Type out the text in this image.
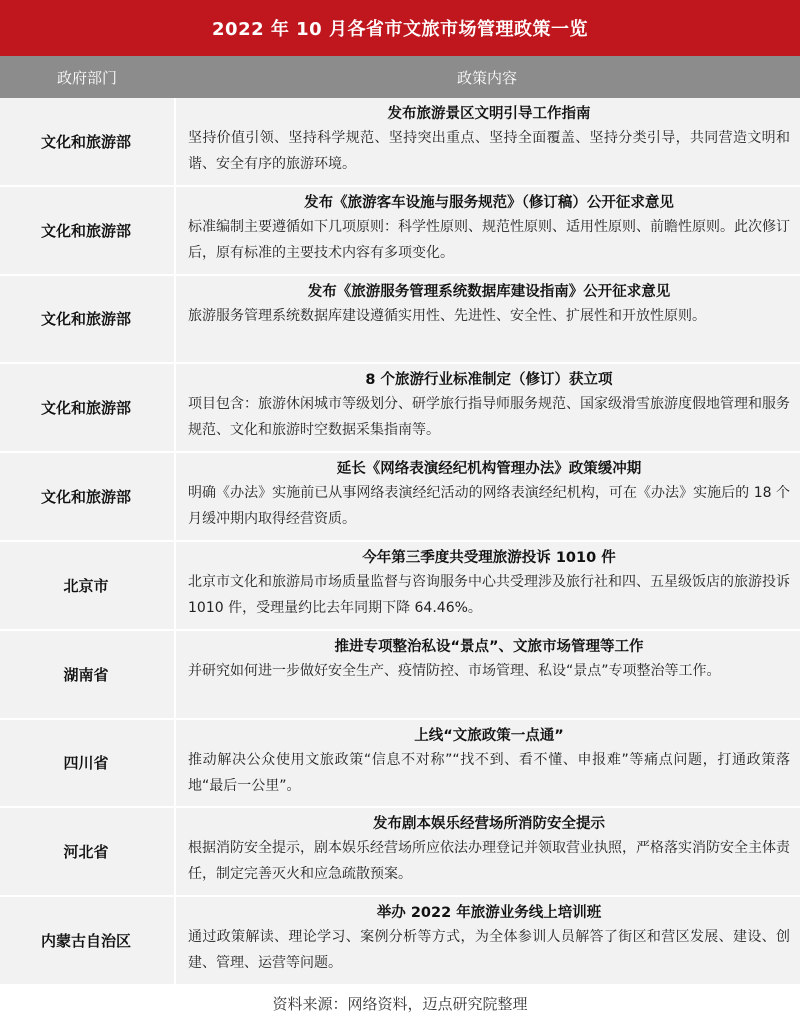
2022 年 10 月各省市文旅市场管理政策一览
政府部门	政策内容
文化和旅游部
发布旅游景区文明引导工作指南
坚持价值引领、坚持科学规范、坚持突出重点、坚持全面覆盖、坚持分类引导，共同营造文明和谐、安全有序的旅游环境。
文化和旅游部
发布《旅游客车设施与服务规范》（修订稿）公开征求意见
标准编制主要遵循如下几项原则：科学性原则、规范性原则、适用性原则、前瞻性原则。此次修订后，原有标准的主要技术内容有多项变化。
文化和旅游部
发布《旅游服务管理系统数据库建设指南》公开征求意见
旅游服务管理系统数据库建设遵循实用性、先进性、安全性、扩展性和开放性原则。
文化和旅游部
8 个旅游行业标准制定（修订）获立项
项目包含：旅游休闲城市等级划分、研学旅行指导师服务规范、国家级滑雪旅游度假地管理和服务规范、文化和旅游时空数据采集指南等。
文化和旅游部
延长《网络表演经纪机构管理办法》政策缓冲期
明确《办法》实施前已从事网络表演经纪活动的网络表演经纪机构，可在《办法》实施后的 18 个月缓冲期内取得经营资质。
北京市
今年第三季度共受理旅游投诉 1010 件
北京市文化和旅游局市场质量监督与咨询服务中心共受理涉及旅行社和四、五星级饭店的旅游投诉 1010 件，受理量约比去年同期下降 64.46%。
湖南省
推进专项整治私设“景点”、文旅市场管理等工作
并研究如何进一步做好安全生产、疫情防控、市场管理、私设“景点”专项整治等工作。
四川省
上线“文旅政策一点通”
推动解决公众使用文旅政策“信息不对称”“找不到、看不懂、申报难”等痛点问题，打通政策落地“最后一公里”。
河北省
发布剧本娱乐经营场所消防安全提示
根据消防安全提示，剧本娱乐经营场所应依法办理登记并领取营业执照，严格落实消防安全主体责任，制定完善灭火和应急疏散预案。
内蒙古自治区
举办 2022 年旅游业务线上培训班
通过政策解读、理论学习、案例分析等方式，为全体参训人员解答了街区和营区发展、建设、创建、管理、运营等问题。
资料来源：网络资料，迈点研究院整理
